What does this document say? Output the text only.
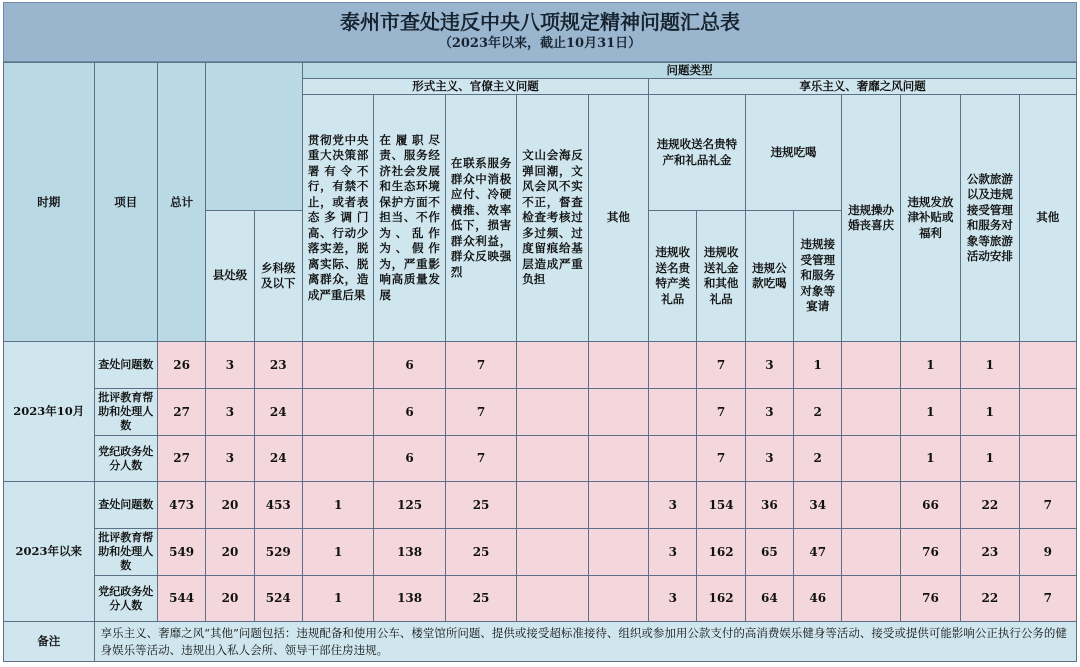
泰州市查处违反中央八项规定精神问题汇总表
（2023年以来，截止10月31日）
时期	项目	总计			问题类型												
					形式主义、官僚主义问题					享乐主义、奢靡之风问题							
					贯彻党中央重大决策部署有令不行，有禁不止，或者表态多调门高、行动少落实差，脱离实际、脱离群众，造成严重后果	在履职尽责、服务经济社会发展和生态环境保护方面不担当、不作为、乱作为、假作为，严重影响高质量发展	在联系服务群众中消极应付、冷硬横推、效率低下，损害群众利益，群众反映强烈	文山会海反弹回潮，文风会风不实不正，督查检查考核过多过频、过度留痕给基层造成严重负担	其他	违规收送名贵特产和礼品礼金		违规吃喝		违规操办婚丧喜庆	违规发放津补贴或福利	公款旅游以及违规接受管理和服务对象等旅游活动安排	其他
			县处级	乡科级及以下						违规收送名贵特产类礼品	违规收送礼金和其他礼品	违规公款吃喝	违规接受管理和服务对象等宴请				
2023年10月	查处问题数	26	3	23		6	7				7	3	1		1	1	
	批评教育帮助和处理人数	27	3	24		6	7				7	3	2		1	1	
	党纪政务处分人数	27	3	24		6	7				7	3	2		1	1	
2023年以来	查处问题数	473	20	453	1	125	25			3	154	36	34		66	22	7
	批评教育帮助和处理人数	549	20	529	1	138	25			3	162	65	47		76	23	9
	党纪政务处分人数	544	20	524	1	138	25			3	162	64	46		76	22	7
备注	享乐主义、奢靡之风“其他”问题包括：违规配备和使用公车、楼堂馆所问题、提供或接受超标准接待、组织或参加用公款支付的高消费娱乐健身等活动、接受或提供可能影响公正执行公务的健身娱乐等活动、违规出入私人会所、领导干部住房违规。																
